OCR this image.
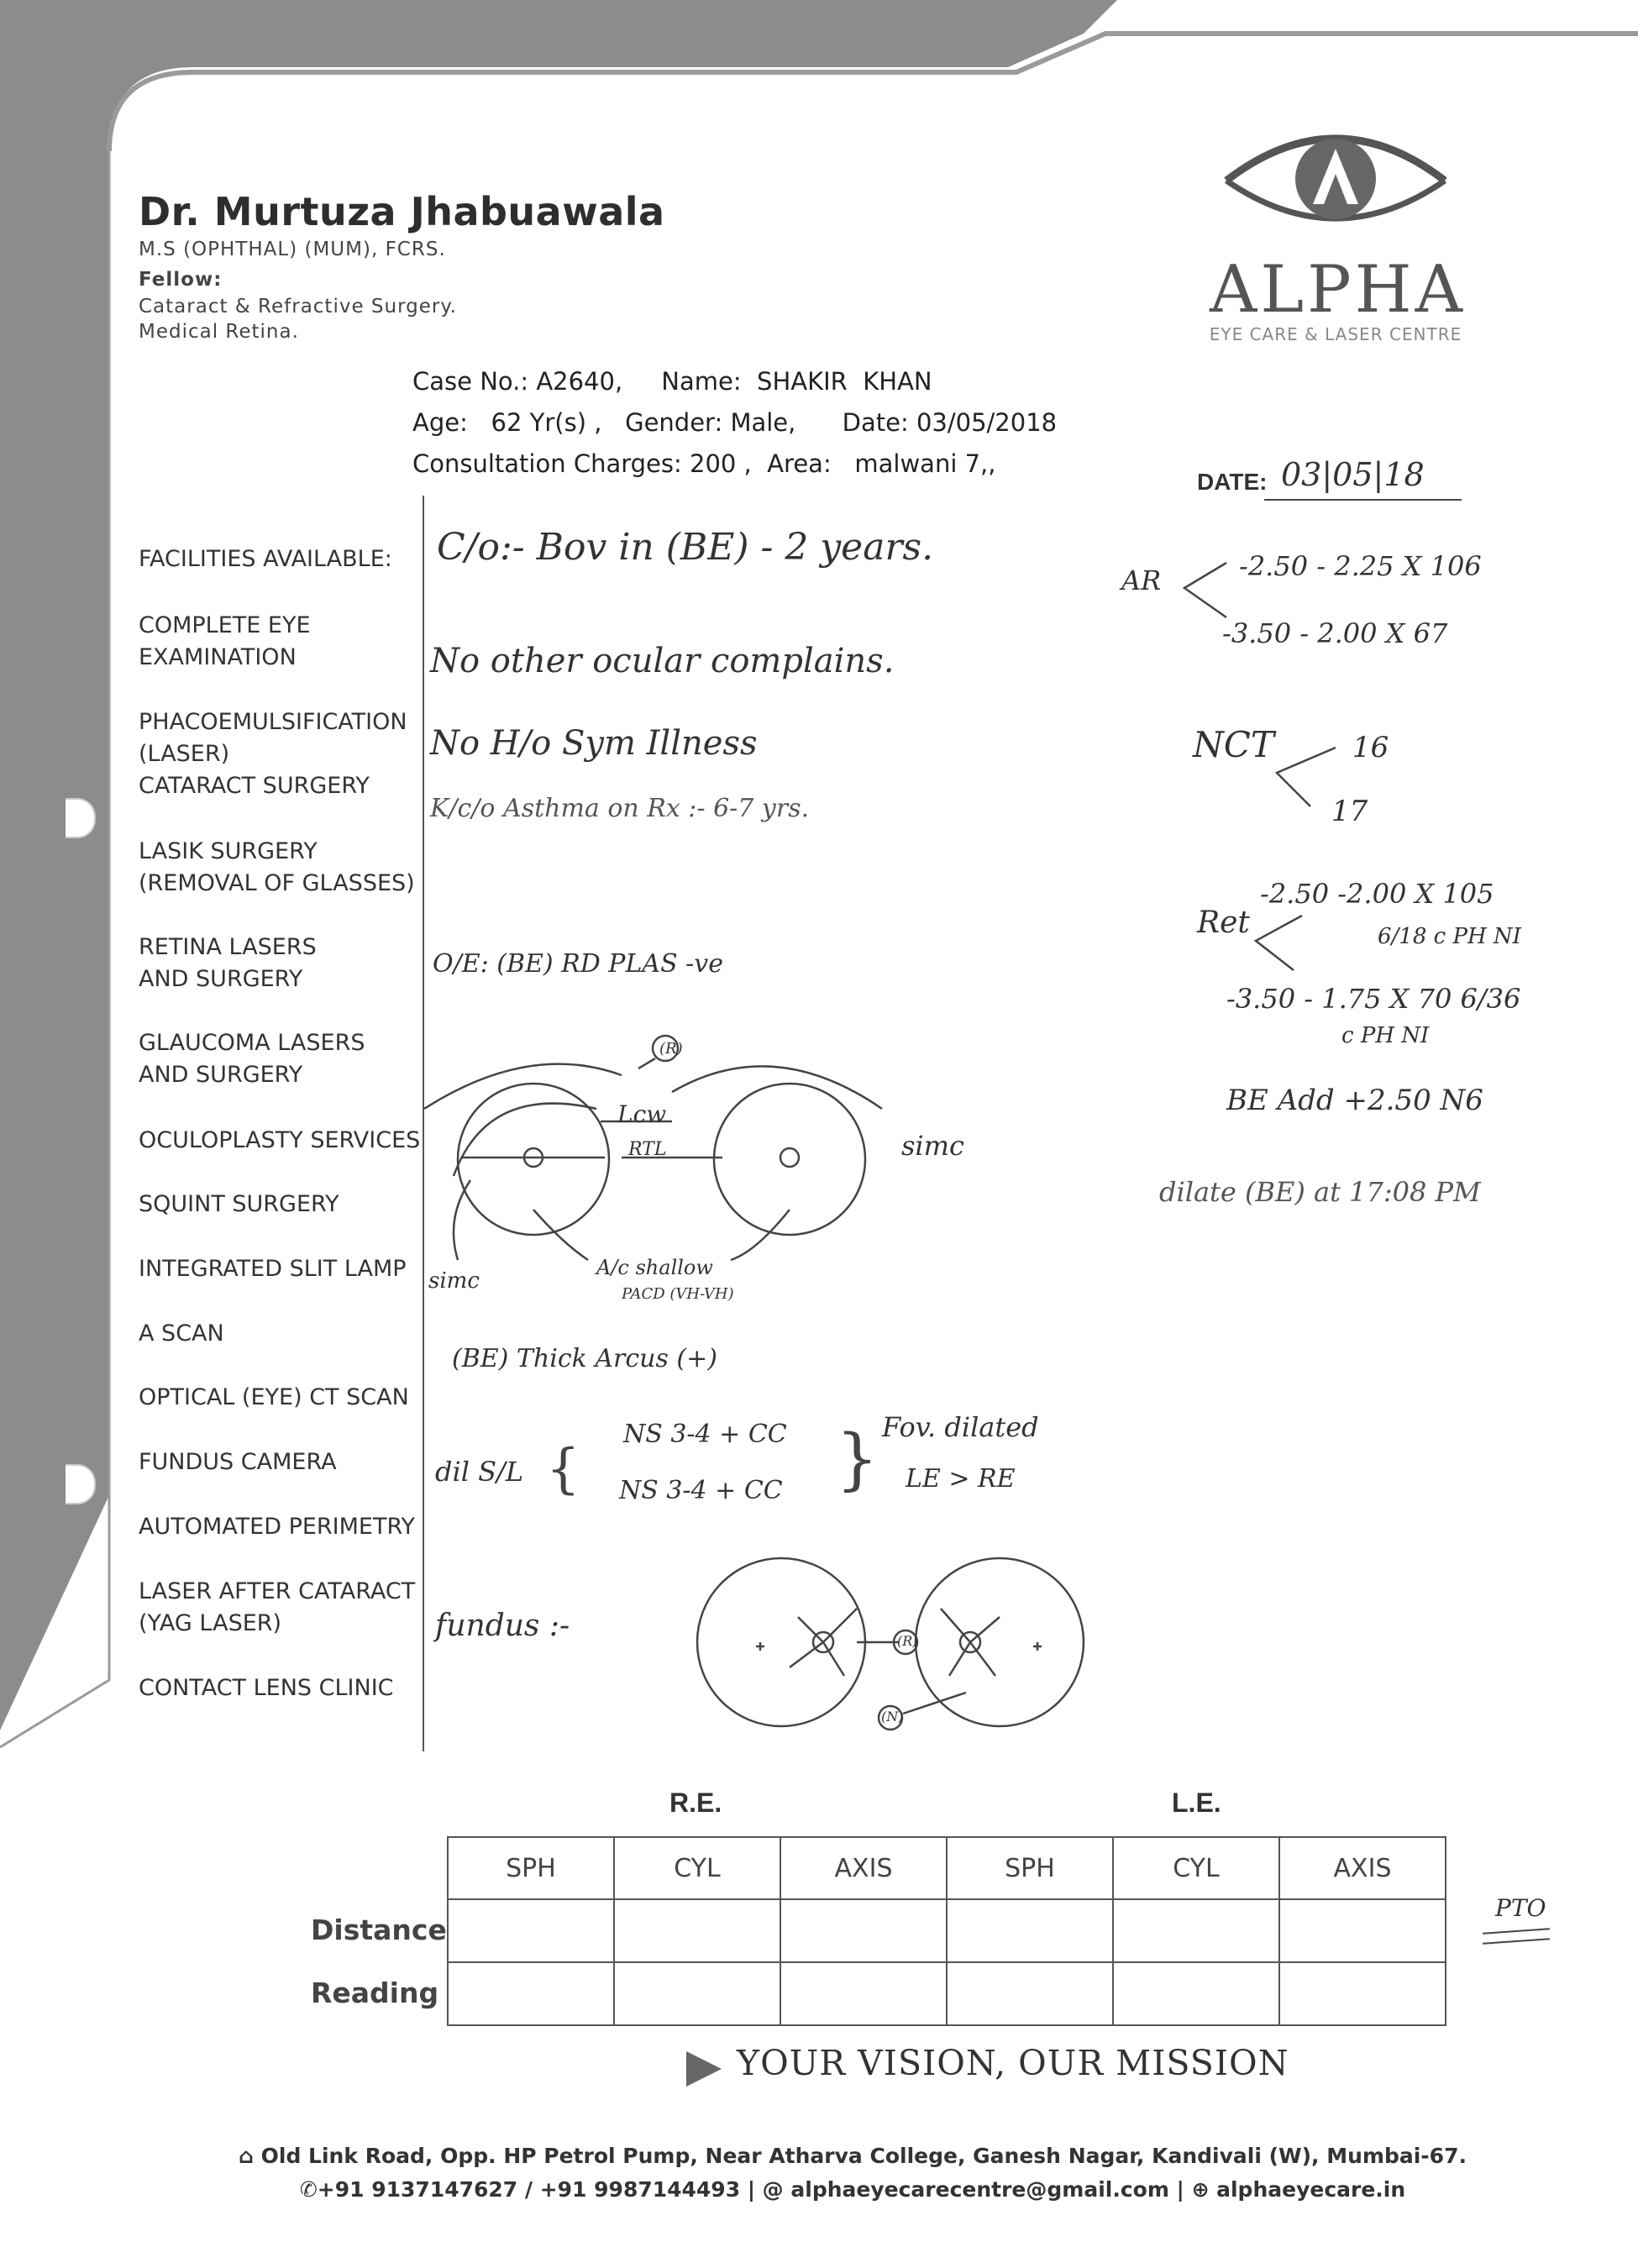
Dr. Murtuza Jhabuawala
M.S (OPHTHAL) (MUM), FCRS.
Fellow:
Cataract & Refractive Surgery.
Medical Retina.
ALPHA
EYE CARE & LASER CENTRE
Case No.: A2640,     Name:  SHAKIR  KHAN
Age:   62 Yr(s) ,   Gender: Male,      Date: 03/05/2018
Consultation Charges: 200 ,  Area:   malwani 7,,
DATE: 03|05|18
FACILITIES AVAILABLE:
COMPLETE EYE
EXAMINATION
PHACOEMULSIFICATION
(LASER)
CATARACT SURGERY
LASIK SURGERY
(REMOVAL OF GLASSES)
RETINA LASERS
AND SURGERY
GLAUCOMA LASERS
AND SURGERY
OCULOPLASTY SERVICES
SQUINT SURGERY
INTEGRATED SLIT LAMP
A SCAN
OPTICAL (EYE) CT SCAN
FUNDUS CAMERA
AUTOMATED PERIMETRY
LASER AFTER CATARACT
(YAG LASER)
CONTACT LENS CLINIC
C/o:- Bov in (BE) - 2 years.
No other ocular complains.
No H/o Sym Illness
K/c/o Asthma on Rx :- 6-7 yrs.
O/E: (BE) RD PLAS -ve
(R)
Lcw
RTL	simc
simc
A/c shallow
PACD (VH-VH)
(BE) Thick Arcus (+)
dil S/L {
NS 3-4 + CC
NS 3-4 + CC } Fov. dilated
LE > RE
fundus :-	(R)
(N)
AR	-2.50 - 2.25 X 106
-3.50 - 2.00 X 67
NCT	16
17
Ret
-2.50 -2.00 X 105
6/18 c PH NI
-3.50 - 1.75 X 70 6/36
c PH NI
BE Add +2.50 N6
dilate (BE) at 17:08 PM
R.E.	L.E.
SPH	CYL	AXIS	SPH	CYL	AXIS

Distance
Reading
PTO
YOUR VISION, OUR MISSION
⌂ Old Link Road, Opp. HP Petrol Pump, Near Atharva College, Ganesh Nagar, Kandivali (W), Mumbai-67.
✆+91 9137147627 / +91 9987144493 | @ alphaeyecarecentre@gmail.com | ⊕ alphaeyecare.in
